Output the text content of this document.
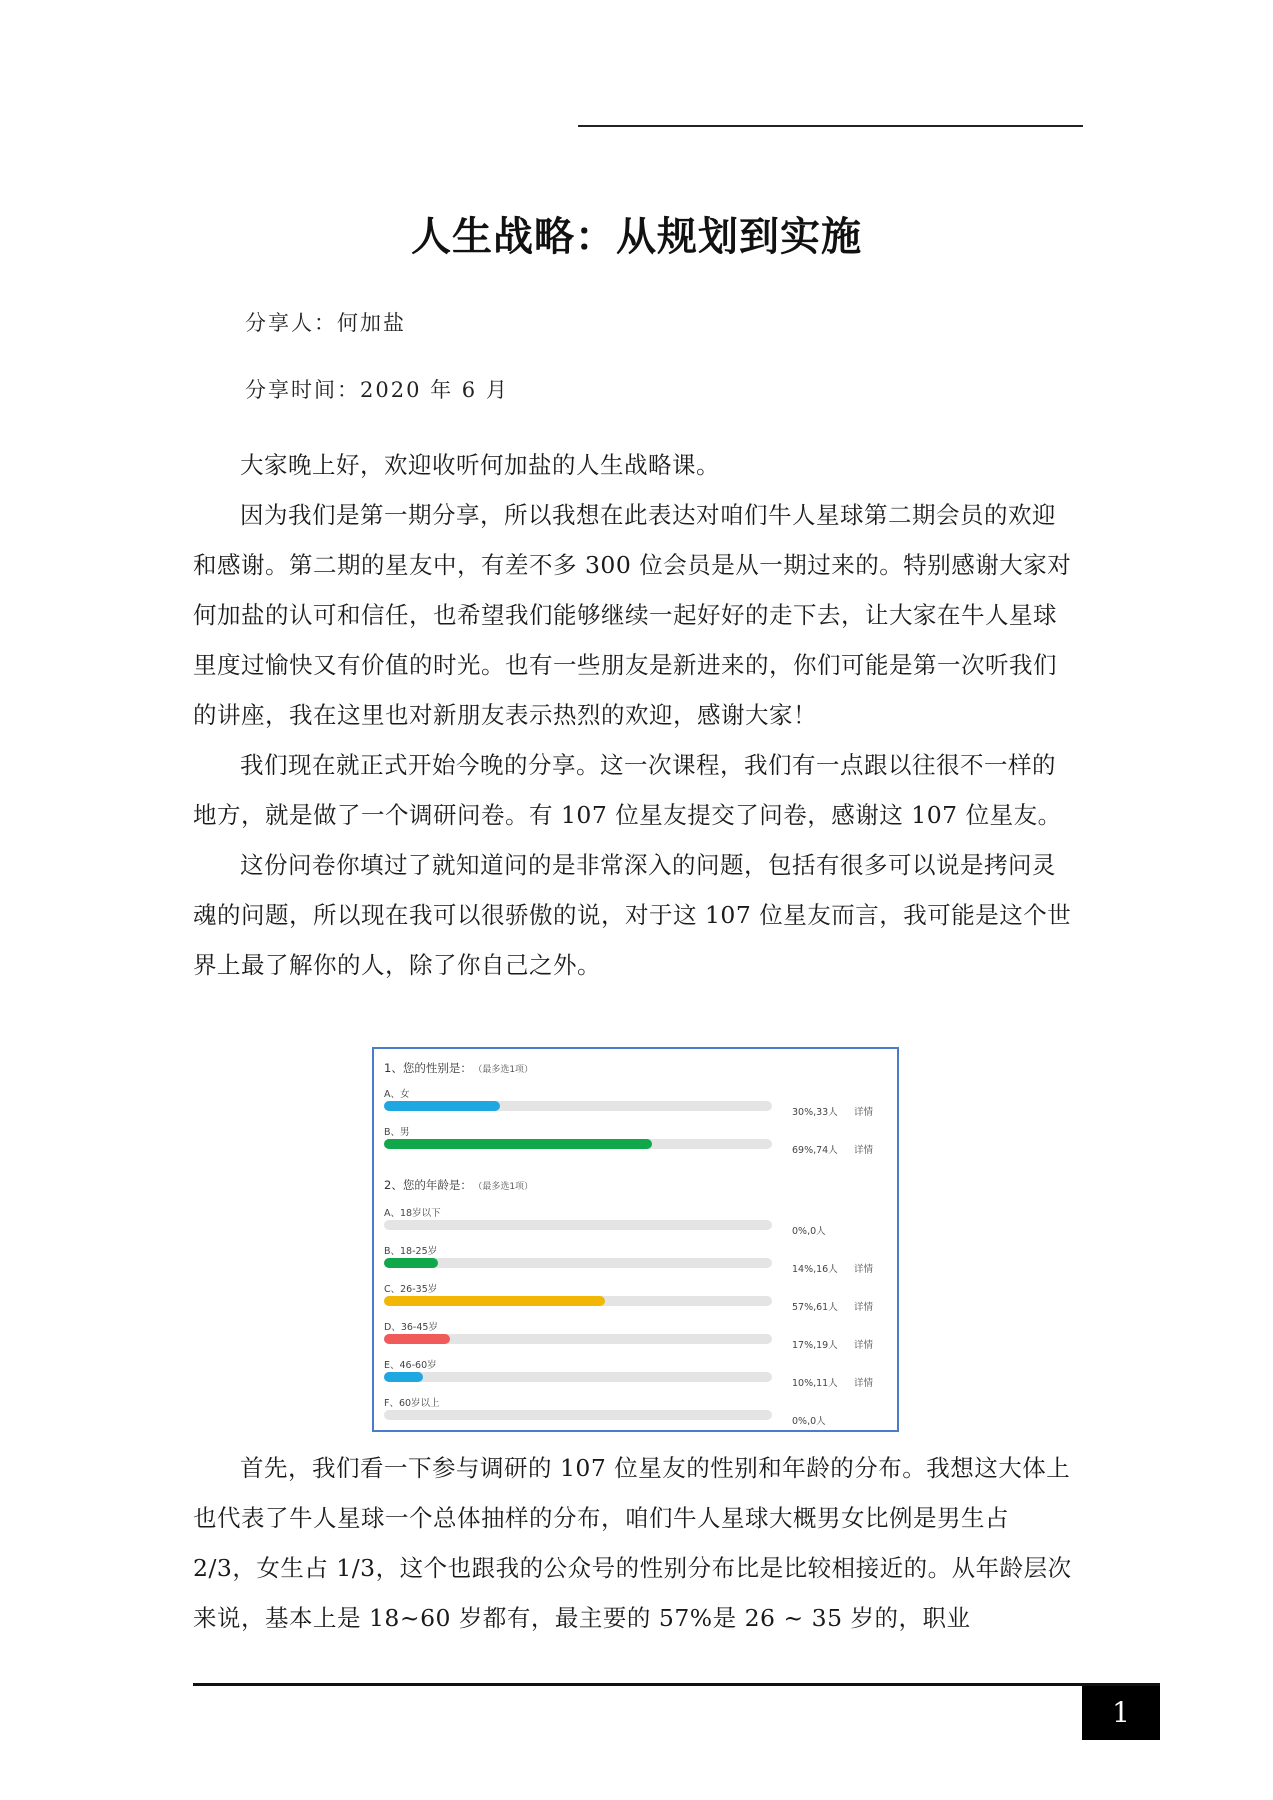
人生战略：从规划到实施
分享人：何加盐
分享时间：2020 年 6 月

大家晚上好，欢迎收听何加盐的人生战略课。

因为我们是第一期分享，所以我想在此表达对咱们牛人星球第二期会员的欢迎和感谢。第二期的星友中，有差不多 300 位会员是从一期过来的。特别感谢大家对何加盐的认可和信任，也希望我们能够继续一起好好的走下去，让大家在牛人星球里度过愉快又有价值的时光。也有一些朋友是新进来的，你们可能是第一次听我们的讲座，我在这里也对新朋友表示热烈的欢迎，感谢大家！

我们现在就正式开始今晚的分享。这一次课程，我们有一点跟以往很不一样的地方，就是做了一个调研问卷。有 107 位星友提交了问卷，感谢这 107 位星友。

这份问卷你填过了就知道问的是非常深入的问题，包括有很多可以说是拷问灵魂的问题，所以现在我可以很骄傲的说，对于这 107 位星友而言，我可能是这个世界上最了解你的人，除了你自己之外。

1、您的性别是： （最多选1项）
A、女
30%,33人 详情
B、男
69%,74人 详情
2、您的年龄是： （最多选1项）
A、18岁以下
0%,0人
B、18-25岁
14%,16人 详情
C、26-35岁
57%,61人 详情
D、36-45岁
17%,19人 详情
E、46-60岁
10%,11人 详情
F、60岁以上
0%,0人

首先，我们看一下参与调研的 107 位星友的性别和年龄的分布。我想这大体上也代表了牛人星球一个总体抽样的分布，咱们牛人星球大概男女比例是男生占 2/3，女生占 1/3，这个也跟我的公众号的性别分布比是比较相接近的。从年龄层次来说，基本上是 18~60 岁都有，最主要的 57%是 26 ~ 35 岁的，职业

1
